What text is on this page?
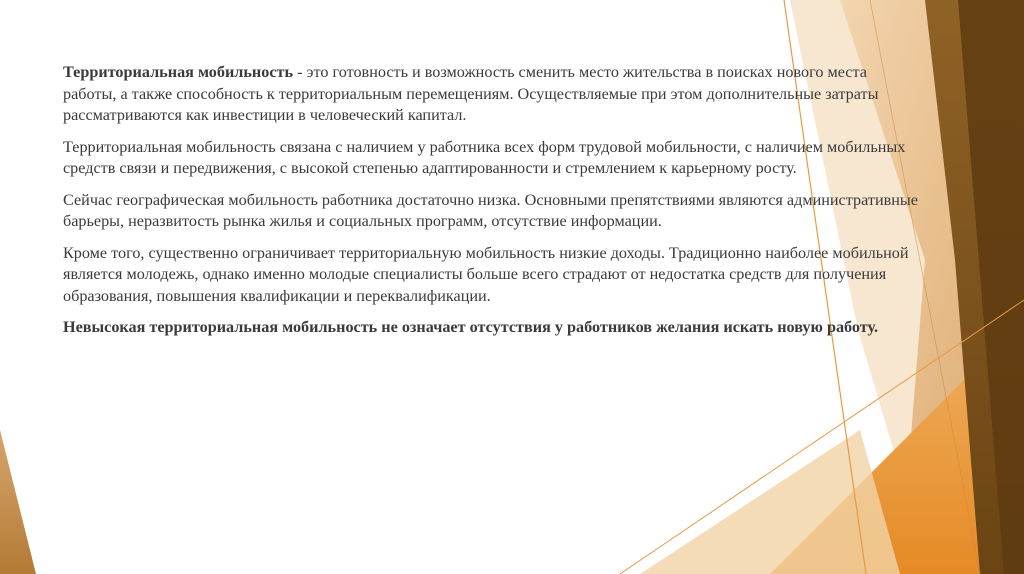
Территориальная мобильность - это готовность и возможность сменить место жительства в поисках нового места работы, а также способность к территориальным перемещениям. Осуществляемые при этом дополнительные затраты рассматриваются как инвестиции в человеческий капитал.

Территориальная мобильность связана с наличием у работника всех форм трудовой мобильности, с наличием мобильных средств связи и передвижения, с высокой степенью адаптированности и стремлением к карьерному росту.

Сейчас географическая мобильность работника достаточно низка. Основными препятствиями являются административные барьеры, неразвитость рынка жилья и социальных программ, отсутствие информации.

Кроме того, существенно ограничивает территориальную мобильность низкие доходы. Традиционно наиболее мобильной является молодежь, однако именно молодые специалисты больше всего страдают от недостатка средств для получения образования, повышения квалификации и переквалификации.

Невысокая территориальная мобильность не означает отсутствия у работников желания искать новую работу.
